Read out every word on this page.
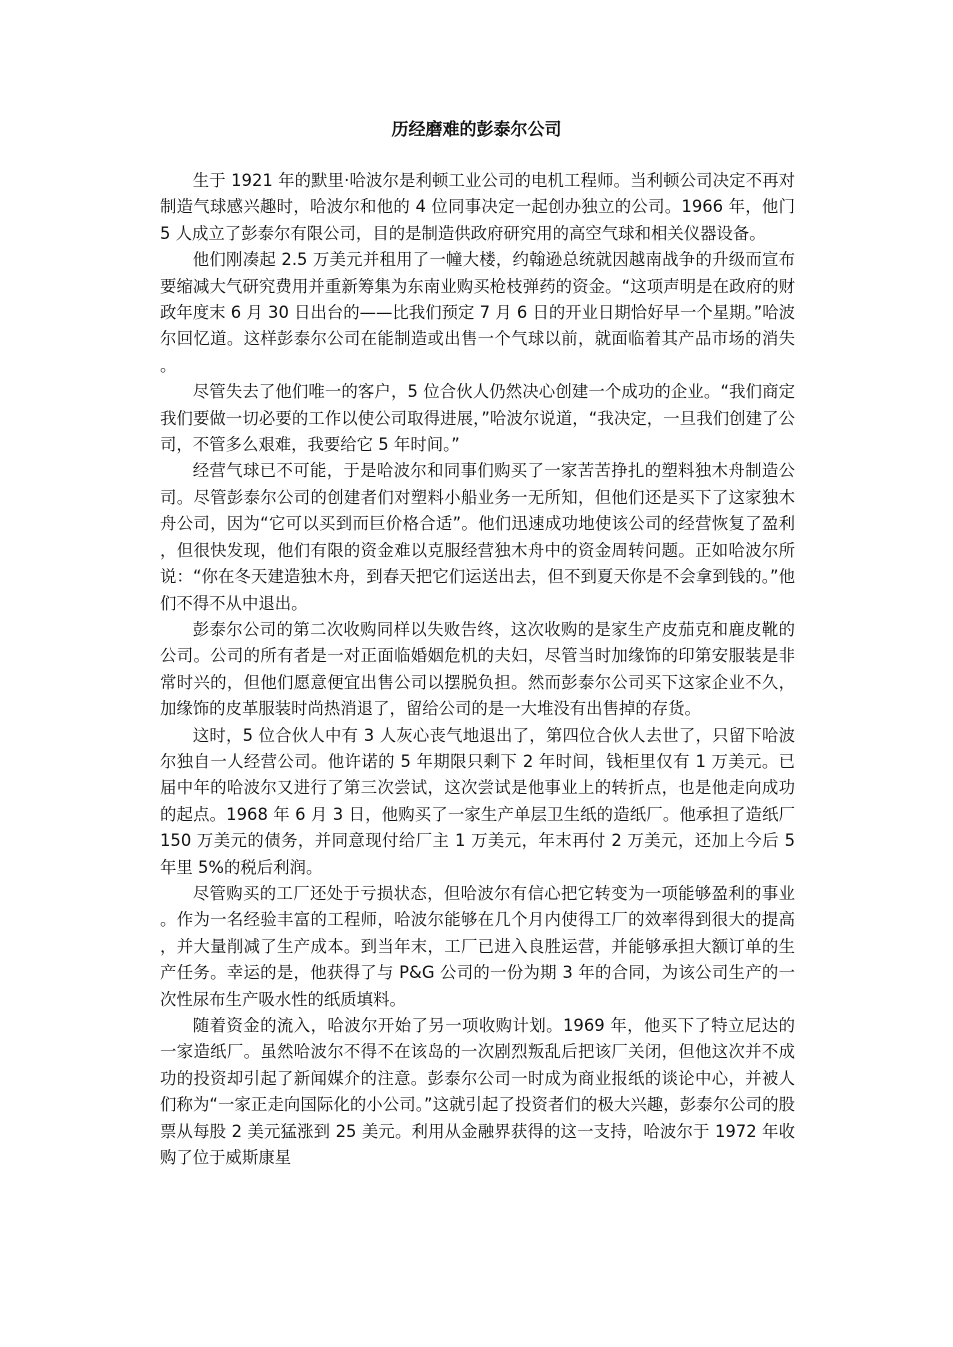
历经磨难的彭泰尔公司

生于 1921 年的默里·哈波尔是利顿工业公司的电机工程师。当利顿公司决定不再对制造气球感兴趣时，哈波尔和他的 4 位同事决定一起创办独立的公司。1966 年，他门 5 人成立了彭泰尔有限公司，目的是制造供政府研究用的高空气球和相关仪器设备。

他们刚凑起 2.5 万美元并租用了一幢大楼，约翰逊总统就因越南战争的升级而宣布要缩减大气研究费用并重新筹集为东南业购买枪枝弹药的资金。“这项声明是在政府的财政年度末 6 月 30 日出台的——比我们预定 7 月 6 日的开业日期恰好早一个星期。”哈波尔回忆道。这样彭泰尔公司在能制造或出售一个气球以前，就面临着其产品市场的消失。

尽管失去了他们唯一的客户，5 位合伙人仍然决心创建一个成功的企业。“我们商定我们要做一切必要的工作以使公司取得进展，”哈波尔说道，“我决定，一旦我们创建了公司，不管多么艰难，我要给它 5 年时间。”

经营气球已不可能，于是哈波尔和同事们购买了一家苦苦挣扎的塑料独木舟制造公司。尽管彭泰尔公司的创建者们对塑料小船业务一无所知，但他们还是买下了这家独木舟公司，因为“它可以买到而巨价格合适”。他们迅速成功地使该公司的经营恢复了盈利，但很快发现，他们有限的资金难以克服经营独木舟中的资金周转问题。正如哈波尔所说：“你在冬天建造独木舟，到春天把它们运送出去，但不到夏天你是不会拿到钱的。”他们不得不从中退出。

彭泰尔公司的第二次收购同样以失败告终，这次收购的是家生产皮茄克和鹿皮靴的公司。公司的所有者是一对正面临婚姻危机的夫妇，尽管当时加缘饰的印第安服装是非常时兴的，但他们愿意便宜出售公司以摆脱负担。然而彭泰尔公司买下这家企业不久，加缘饰的皮革服装时尚热消退了，留给公司的是一大堆没有出售掉的存货。

这时，5 位合伙人中有 3 人灰心丧气地退出了，第四位合伙人去世了，只留下哈波尔独自一人经营公司。他许诺的 5 年期限只剩下 2 年时间，钱柜里仅有 1 万美元。已届中年的哈波尔又进行了第三次尝试，这次尝试是他事业上的转折点，也是他走向成功的起点。1968 年 6 月 3 日，他购买了一家生产单层卫生纸的造纸厂。他承担了造纸厂 150 万美元的债务，并同意现付给厂主 1 万美元，年末再付 2 万美元，还加上今后 5 年里 5%的税后利润。

尽管购买的工厂还处于亏损状态，但哈波尔有信心把它转变为一项能够盈利的事业。作为一名经验丰富的工程师，哈波尔能够在几个月内使得工厂的效率得到很大的提高，并大量削减了生产成本。到当年末，工厂已进入良胜运营，并能够承担大额订单的生产任务。幸运的是，他获得了与 P&G 公司的一份为期 3 年的合同，为该公司生产的一次性尿布生产吸水性的纸质填料。

随着资金的流入，哈波尔开始了另一项收购计划。1969 年，他买下了特立尼达的一家造纸厂。虽然哈波尔不得不在该岛的一次剧烈叛乱后把该厂关闭，但他这次并不成功的投资却引起了新闻媒介的注意。彭泰尔公司一时成为商业报纸的谈论中心，并被人们称为“一家正走向国际化的小公司。”这就引起了投资者们的极大兴趣，彭泰尔公司的股票从每股 2 美元猛涨到 25 美元。利用从金融界获得的这一支持，哈波尔于 1972 年收购了位于威斯康星
